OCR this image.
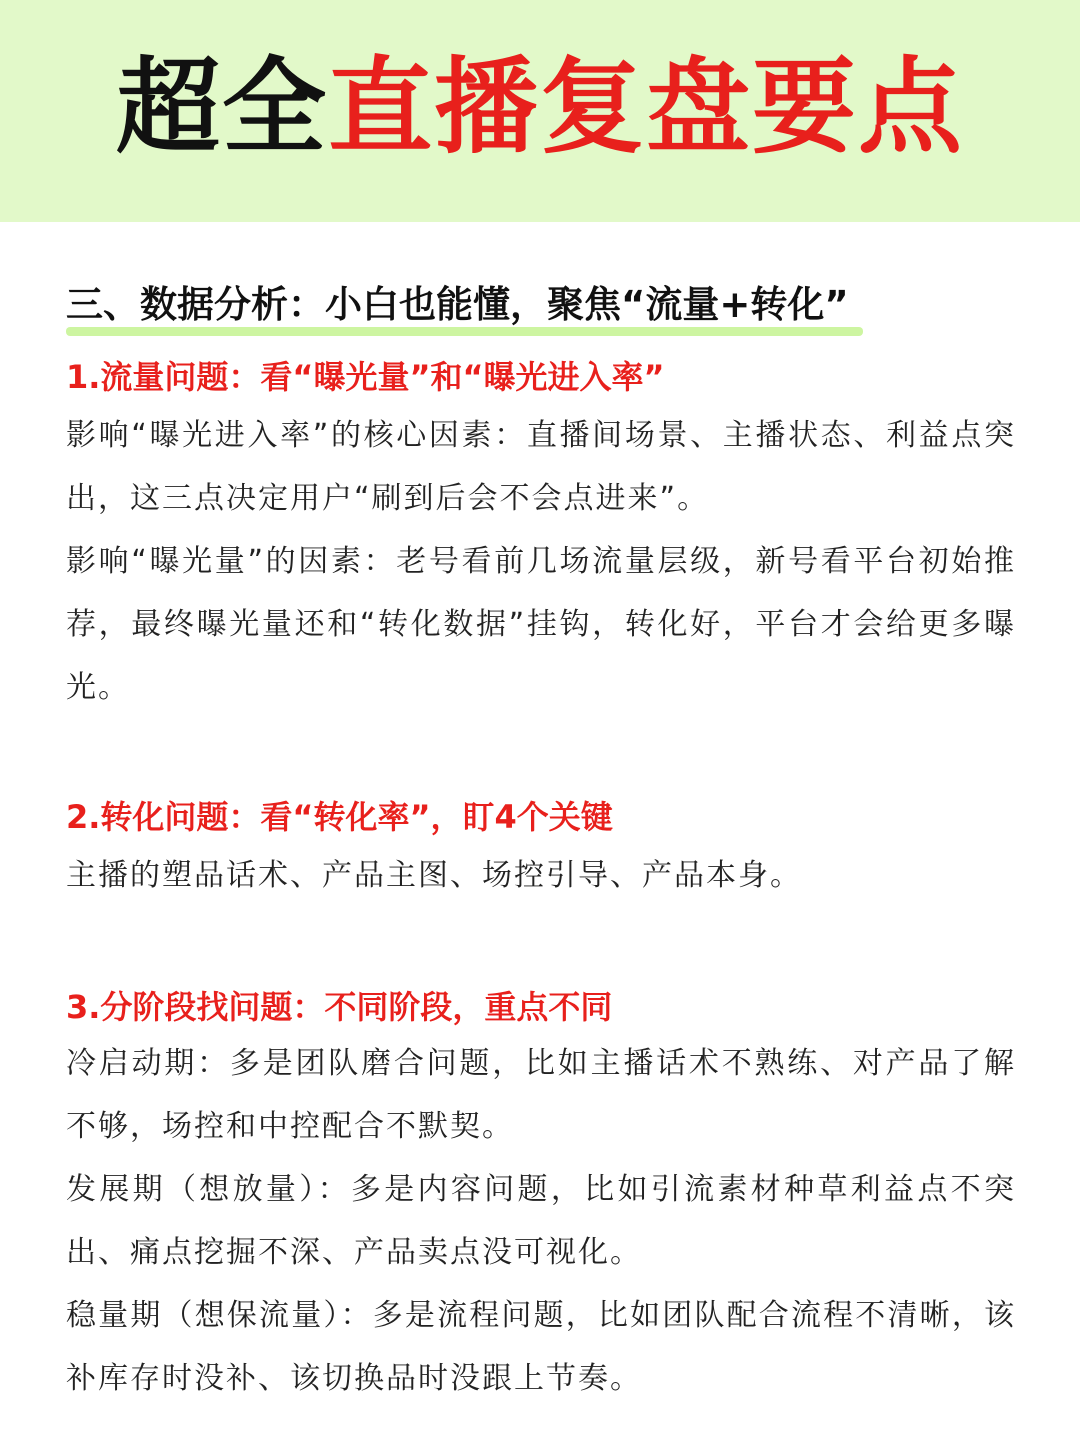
超全直播复盘要点
三、数据分析：小白也能懂，聚焦“流量+转化”
1.流量问题：看“曝光量”和“曝光进入率”

影响“曝光进入率”的核心因素：直播间场景、主播状态、利益点突出，这三点决定用户“刷到后会不会点进来”。

影响“曝光量”的因素：老号看前几场流量层级，新号看平台初始推荐，最终曝光量还和“转化数据”挂钩，转化好，平台才会给更多曝光。

2.转化问题：看“转化率”，盯4个关键

主播的塑品话术、产品主图、场控引导、产品本身。

3.分阶段找问题：不同阶段，重点不同

冷启动期：多是团队磨合问题，比如主播话术不熟练、对产品了解不够，场控和中控配合不默契。

发展期（想放量）：多是内容问题，比如引流素材种草利益点不突出、痛点挖掘不深、产品卖点没可视化。

稳量期（想保流量）：多是流程问题，比如团队配合流程不清晰，该补库存时没补、该切换品时没跟上节奏。
